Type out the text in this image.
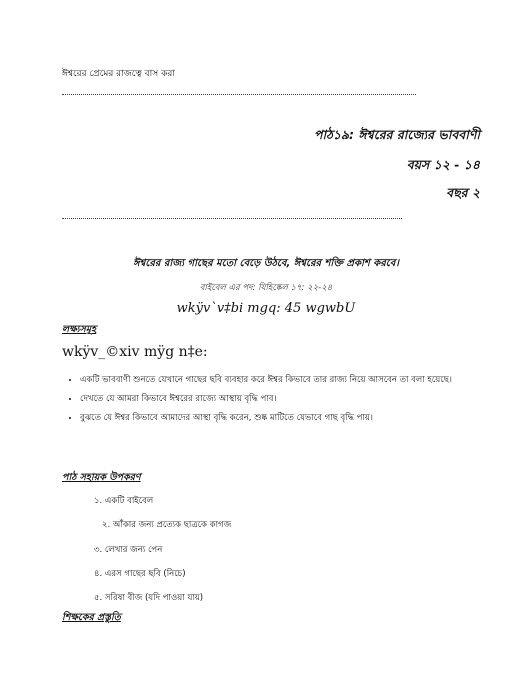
ঈশ্বরের প্রেমের রাজত্বে বাস করা
পাঠ১৯: ঈশ্বরের রাজ্যের ভাববাণী
বয়স ১২ - ১৪
বছর ২
ঈশ্বরের রাজ্য গাছের মতো বেড়ে উঠবে, ঈশ্বরের শক্তি প্রকাশ করবে।
বাইবেল এর পদ: যিহিষ্কেল ১৭: ২২-২৪
wkÿv`v‡bi mgq: 45 wgwbU
লক্ষ্যসমূহ
wkÿv_©xiv mÿg n‡e:
• একটি ভাববাণী শুনতে যেখানে গাছের ছবি ব্যবহার করে ঈশ্বর কিভাবে তার রাজ্য নিয়ে আসবেন তা বলা হয়েছে।
• দেখতে যে আমরা কিভাবে ঈশ্বরের রাজ্যে আস্থায় বৃদ্ধি পাব।
• বুঝতে যে ঈশ্বর কিভাবে আমাদের আস্থা বৃদ্ধি করেন, শুষ্ক মাটিতে যেভাবে গাছ বৃদ্ধি পায়।
পাঠ সহায়ক উপকরণ
১. একটি বাইবেল
২. আঁকার জন্য প্রত্যেক ছাত্রকে কাগজ
৩. লেখার জন্য পেন
৪. এরস গাছের ছবি (নিচে)
৫. সরিষা বীজ (যদি পাওয়া যায়)
শিক্ষকের প্রস্তুতি
